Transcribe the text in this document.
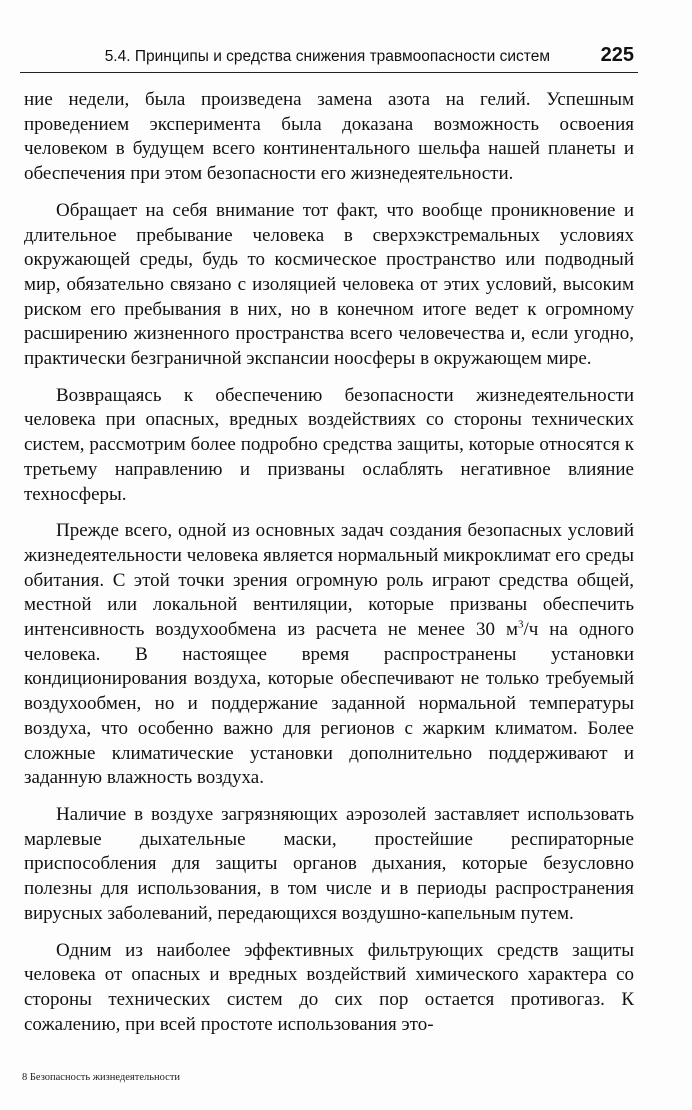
5.4. Принципы и средства снижения травмоопасности систем	225

ние недели, была произведена замена азота на гелий. Успешным проведением эксперимента была доказана возможность освоения человеком в будущем всего континентального шельфа нашей планеты и обеспечения при этом безопасности его жизнедеятельности.

Обращает на себя внимание тот факт, что вообще проникновение и длительное пребывание человека в сверхэкстремальных условиях окружающей среды, будь то космическое пространство или подводный мир, обязательно связано с изоляцией человека от этих условий, высоким риском его пребывания в них, но в конечном итоге ведет к огромному расширению жизненного пространства всего человечества и, если угодно, практически безграничной экспансии ноосферы в окружающем мире.

Возвращаясь к обеспечению безопасности жизнедеятельности человека при опасных, вредных воздействиях со стороны технических систем, рассмотрим более подробно средства защиты, которые относятся к третьему направлению и призваны ослаблять негативное влияние техносферы.

Прежде всего, одной из основных задач создания безопасных условий жизнедеятельности человека является нормальный микроклимат его среды обитания. С этой точки зрения огромную роль играют средства общей, местной или локальной вентиляции, которые призваны обеспечить интенсивность воздухообмена из расчета не менее 30 $м^3/ч$ на одного человека. В настоящее время распространены установки кондиционирования воздуха, которые обеспечивают не только требуемый воздухообмен, но и поддержание заданной нормальной температуры воздуха, что особенно важно для регионов с жарким климатом. Более сложные климатические установки дополнительно поддерживают и заданную влажность воздуха.

Наличие в воздухе загрязняющих аэрозолей заставляет использовать марлевые дыхательные маски, простейшие респираторные приспособления для защиты органов дыхания, которые безусловно полезны для использования, в том числе и в периоды распространения вирусных заболеваний, передающихся воздушно-капельным путем.

Одним из наиболее эффективных фильтрующих средств защиты человека от опасных и вредных воздействий химического характера со стороны технических систем до сих пор остается противогаз. К сожалению, при всей простоте использования это-

8 Безопасность жизнедеятельности
